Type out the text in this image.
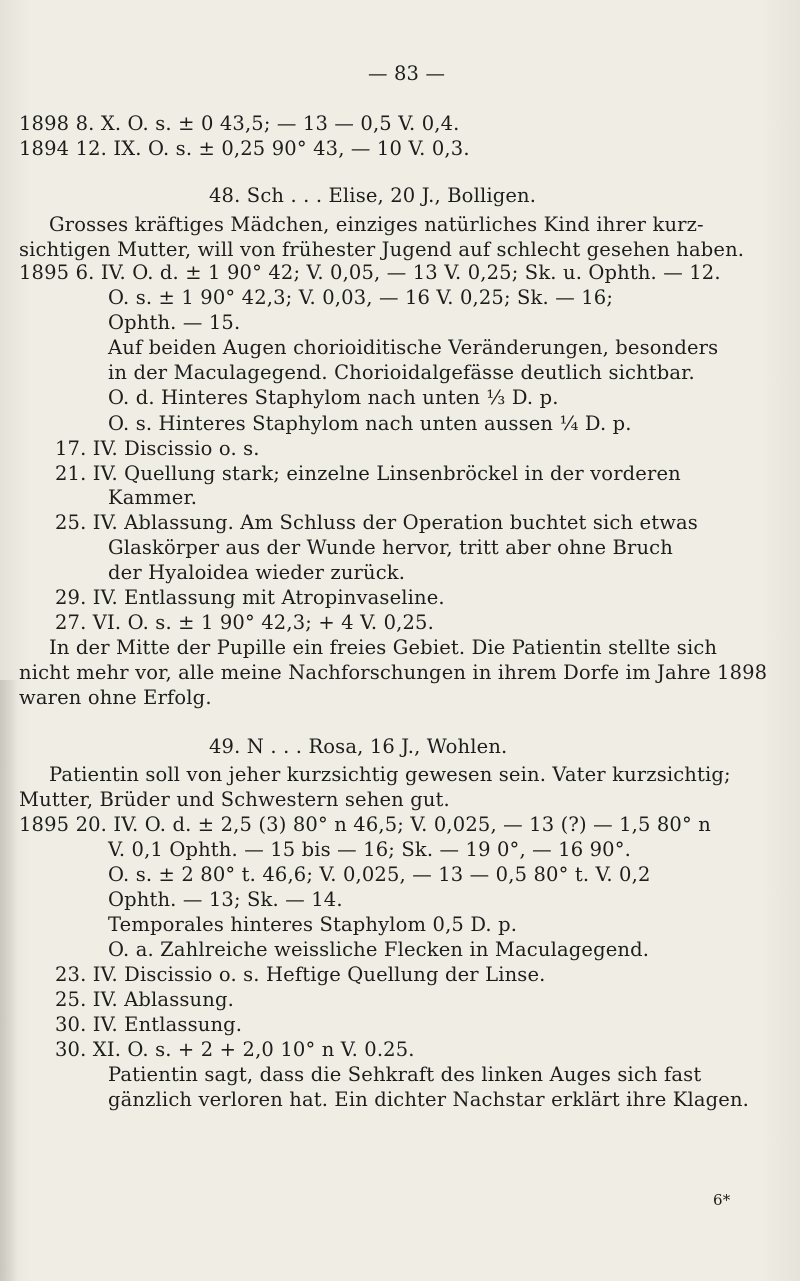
— 83 —
1898 8. X. O. s. ± 0 43,5; — 13 — 0,5 V. 0,4.
1894 12. IX. O. s. ± 0,25 90° 43, — 10 V. 0,3.
48. Sch . . . Elise, 20 J., Bolligen.
Grosses kräftiges Mädchen, einziges natürliches Kind ihrer kurz-
sichtigen Mutter, will von frühester Jugend auf schlecht gesehen haben.
1895 6. IV. O. d. ± 1 90° 42; V. 0,05, — 13 V. 0,25; Sk. u. Ophth. — 12.
O. s. ± 1 90° 42,3; V. 0,03, — 16 V. 0,25; Sk. — 16;
Ophth. — 15.
Auf beiden Augen chorioiditische Veränderungen, besonders
in der Maculagegend. Chorioidalgefässe deutlich sichtbar.
O. d. Hinteres Staphylom nach unten ⅓ D. p.
O. s. Hinteres Staphylom nach unten aussen ¼ D. p.
17. IV. Discissio o. s.
21. IV. Quellung stark; einzelne Linsenbröckel in der vorderen
Kammer.
25. IV. Ablassung. Am Schluss der Operation buchtet sich etwas
Glaskörper aus der Wunde hervor, tritt aber ohne Bruch
der Hyaloidea wieder zurück.
29. IV. Entlassung mit Atropinvaseline.
27. VI. O. s. ± 1 90° 42,3; + 4 V. 0,25.
In der Mitte der Pupille ein freies Gebiet. Die Patientin stellte sich
nicht mehr vor, alle meine Nachforschungen in ihrem Dorfe im Jahre 1898
waren ohne Erfolg.
49. N . . . Rosa, 16 J., Wohlen.
Patientin soll von jeher kurzsichtig gewesen sein. Vater kurzsichtig;
Mutter, Brüder und Schwestern sehen gut.
1895 20. IV. O. d. ± 2,5 (3) 80° n 46,5; V. 0,025, — 13 (?) — 1,5 80° n
V. 0,1 Ophth. — 15 bis — 16; Sk. — 19 0°, — 16 90°.
O. s. ± 2 80° t. 46,6; V. 0,025, — 13 — 0,5 80° t. V. 0,2
Ophth. — 13; Sk. — 14.
Temporales hinteres Staphylom 0,5 D. p.
O. a. Zahlreiche weissliche Flecken in Maculagegend.
23. IV. Discissio o. s. Heftige Quellung der Linse.
25. IV. Ablassung.
30. IV. Entlassung.
30. XI. O. s. + 2 + 2,0 10° n V. 0.25.
Patientin sagt, dass die Sehkraft des linken Auges sich fast
gänzlich verloren hat. Ein dichter Nachstar erklärt ihre Klagen.
6*
